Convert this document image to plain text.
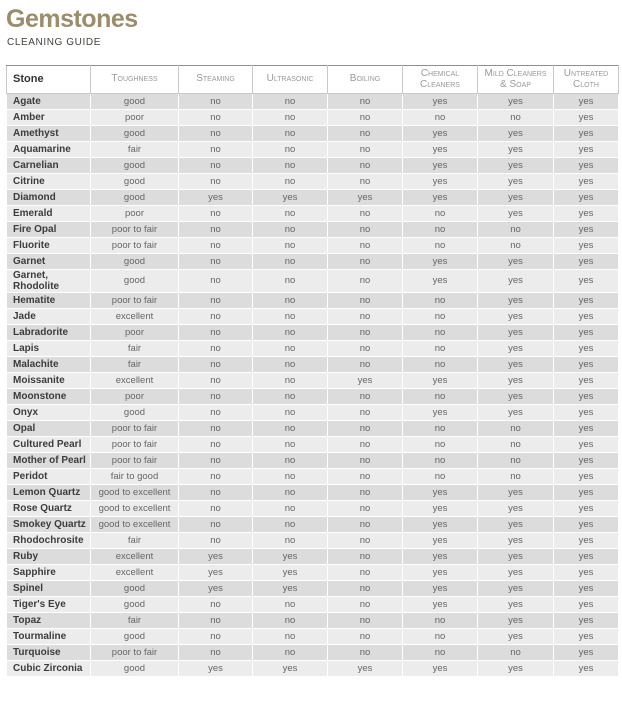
Gemstones
CLEANING GUIDE
Stone	Toughness	Steaming	Ultrasonic	Boiling	Chemical Cleaners	Mild Cleaners & Soap	Untreated Cloth
Agate	good	no	no	no	yes	yes	yes
Amber	poor	no	no	no	no	no	yes
Amethyst	good	no	no	no	yes	yes	yes
Aquamarine	fair	no	no	no	yes	yes	yes
Carnelian	good	no	no	no	yes	yes	yes
Citrine	good	no	no	no	yes	yes	yes
Diamond	good	yes	yes	yes	yes	yes	yes
Emerald	poor	no	no	no	no	yes	yes
Fire Opal	poor to fair	no	no	no	no	no	yes
Fluorite	poor to fair	no	no	no	no	no	yes
Garnet	good	no	no	no	yes	yes	yes
Garnet, Rhodolite	good	no	no	no	yes	yes	yes
Hematite	poor to fair	no	no	no	no	yes	yes
Jade	excellent	no	no	no	no	yes	yes
Labradorite	poor	no	no	no	no	yes	yes
Lapis	fair	no	no	no	no	yes	yes
Malachite	fair	no	no	no	no	yes	yes
Moissanite	excellent	no	no	yes	yes	yes	yes
Moonstone	poor	no	no	no	no	yes	yes
Onyx	good	no	no	no	yes	yes	yes
Opal	poor to fair	no	no	no	no	no	yes
Cultured Pearl	poor to fair	no	no	no	no	no	yes
Mother of Pearl	poor to fair	no	no	no	no	no	yes
Peridot	fair to good	no	no	no	no	no	yes
Lemon Quartz	good to excellent	no	no	no	yes	yes	yes
Rose Quartz	good to excellent	no	no	no	yes	yes	yes
Smokey Quartz	good to excellent	no	no	no	yes	yes	yes
Rhodochrosite	fair	no	no	no	yes	yes	yes
Ruby	excellent	yes	yes	no	yes	yes	yes
Sapphire	excellent	yes	yes	no	yes	yes	yes
Spinel	good	yes	yes	no	yes	yes	yes
Tiger's Eye	good	no	no	no	yes	yes	yes
Topaz	fair	no	no	no	no	yes	yes
Tourmaline	good	no	no	no	no	yes	yes
Turquoise	poor to fair	no	no	no	no	no	yes
Cubic Zirconia	good	yes	yes	yes	yes	yes	yes
